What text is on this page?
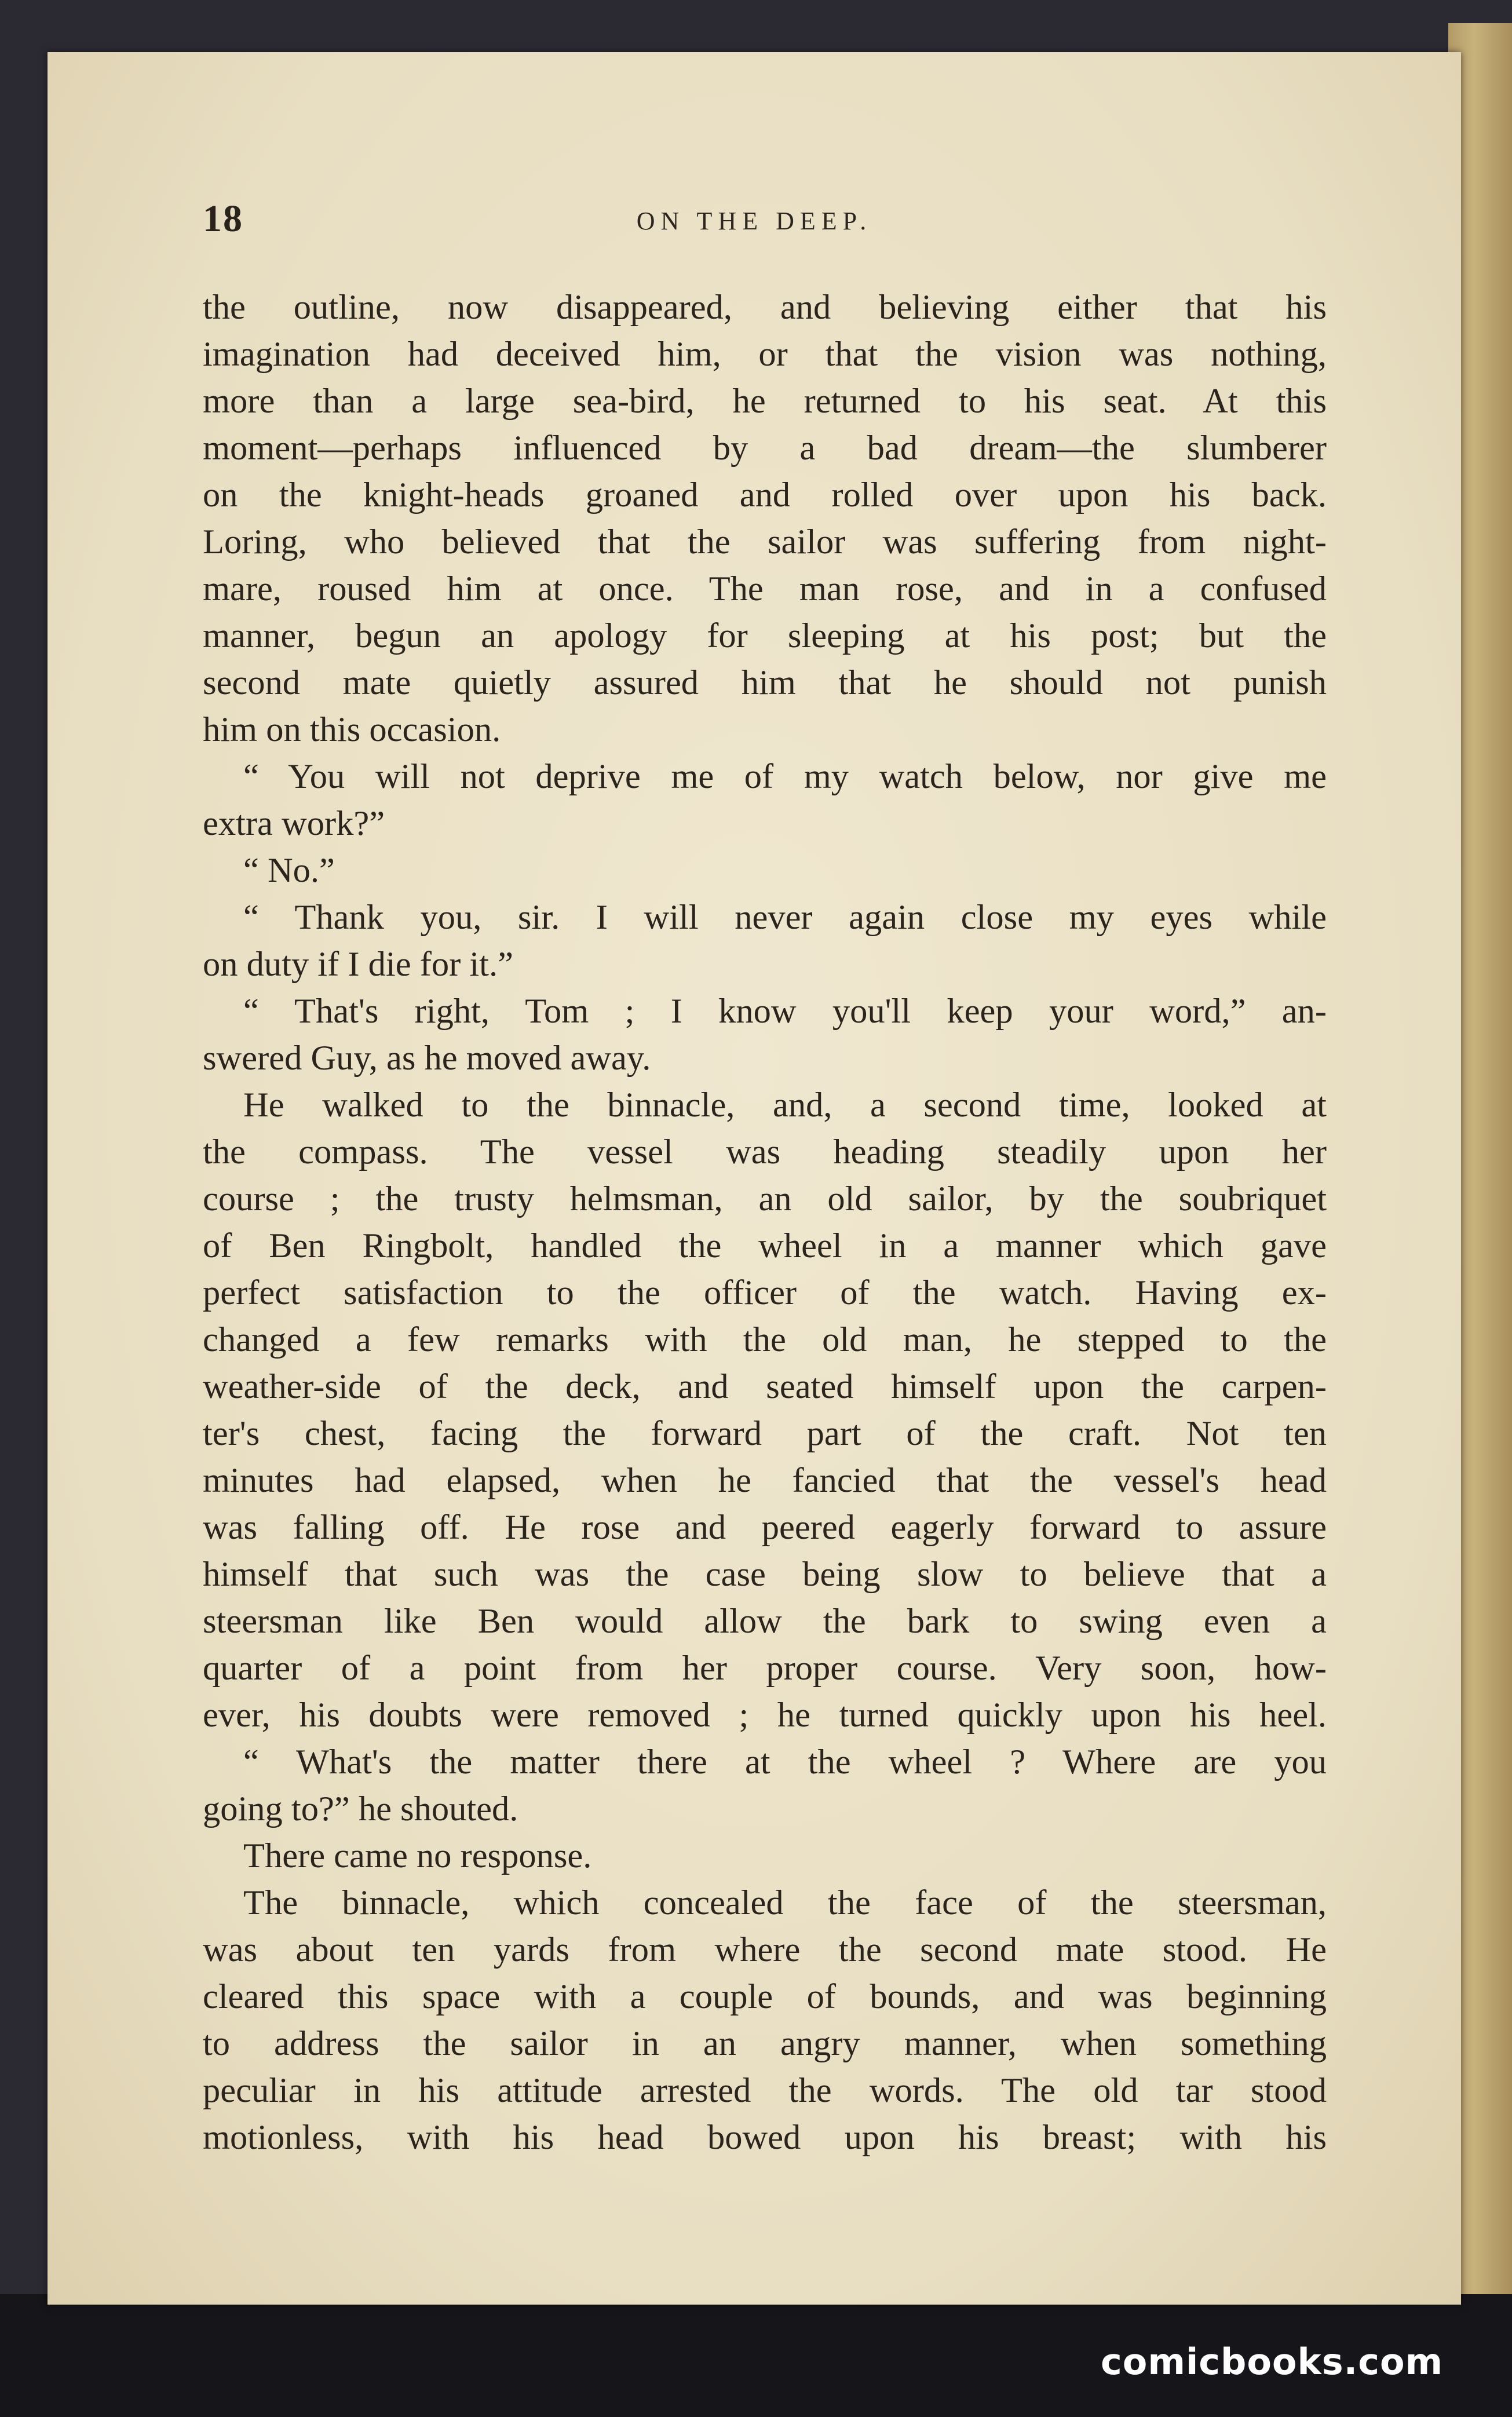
18	ON THE DEEP.
the outline, now disappeared, and believing either that his
imagination had deceived him, or that the vision was nothing,
more than a large sea-bird, he returned to his seat. At this
moment—perhaps influenced by a bad dream—the slumberer
on the knight-heads groaned and rolled over upon his back.
Loring, who believed that the sailor was suffering from night-
mare, roused him at once. The man rose, and in a confused
manner, begun an apology for sleeping at his post; but the
second mate quietly assured him that he should not punish
him on this occasion.
“ You will not deprive me of my watch below, nor give me
extra work?”
“ No.”
“ Thank you, sir. I will never again close my eyes while
on duty if I die for it.”
“ That's right, Tom ; I know you'll keep your word,” an-
swered Guy, as he moved away.
He walked to the binnacle, and, a second time, looked at
the compass. The vessel was heading steadily upon her
course ; the trusty helmsman, an old sailor, by the soubriquet
of Ben Ringbolt, handled the wheel in a manner which gave
perfect satisfaction to the officer of the watch. Having ex-
changed a few remarks with the old man, he stepped to the
weather-side of the deck, and seated himself upon the carpen-
ter's chest, facing the forward part of the craft. Not ten
minutes had elapsed, when he fancied that the vessel's head
was falling off. He rose and peered eagerly forward to assure
himself that such was the case being slow to believe that a
steersman like Ben would allow the bark to swing even a
quarter of a point from her proper course. Very soon, how-
ever, his doubts were removed ; he turned quickly upon his heel.
“ What's the matter there at the wheel ? Where are you
going to?” he shouted.
There came no response.
The binnacle, which concealed the face of the steersman,
was about ten yards from where the second mate stood. He
cleared this space with a couple of bounds, and was beginning
to address the sailor in an angry manner, when something
peculiar in his attitude arrested the words. The old tar stood
motionless, with his head bowed upon his breast; with his
comicbooks.com
